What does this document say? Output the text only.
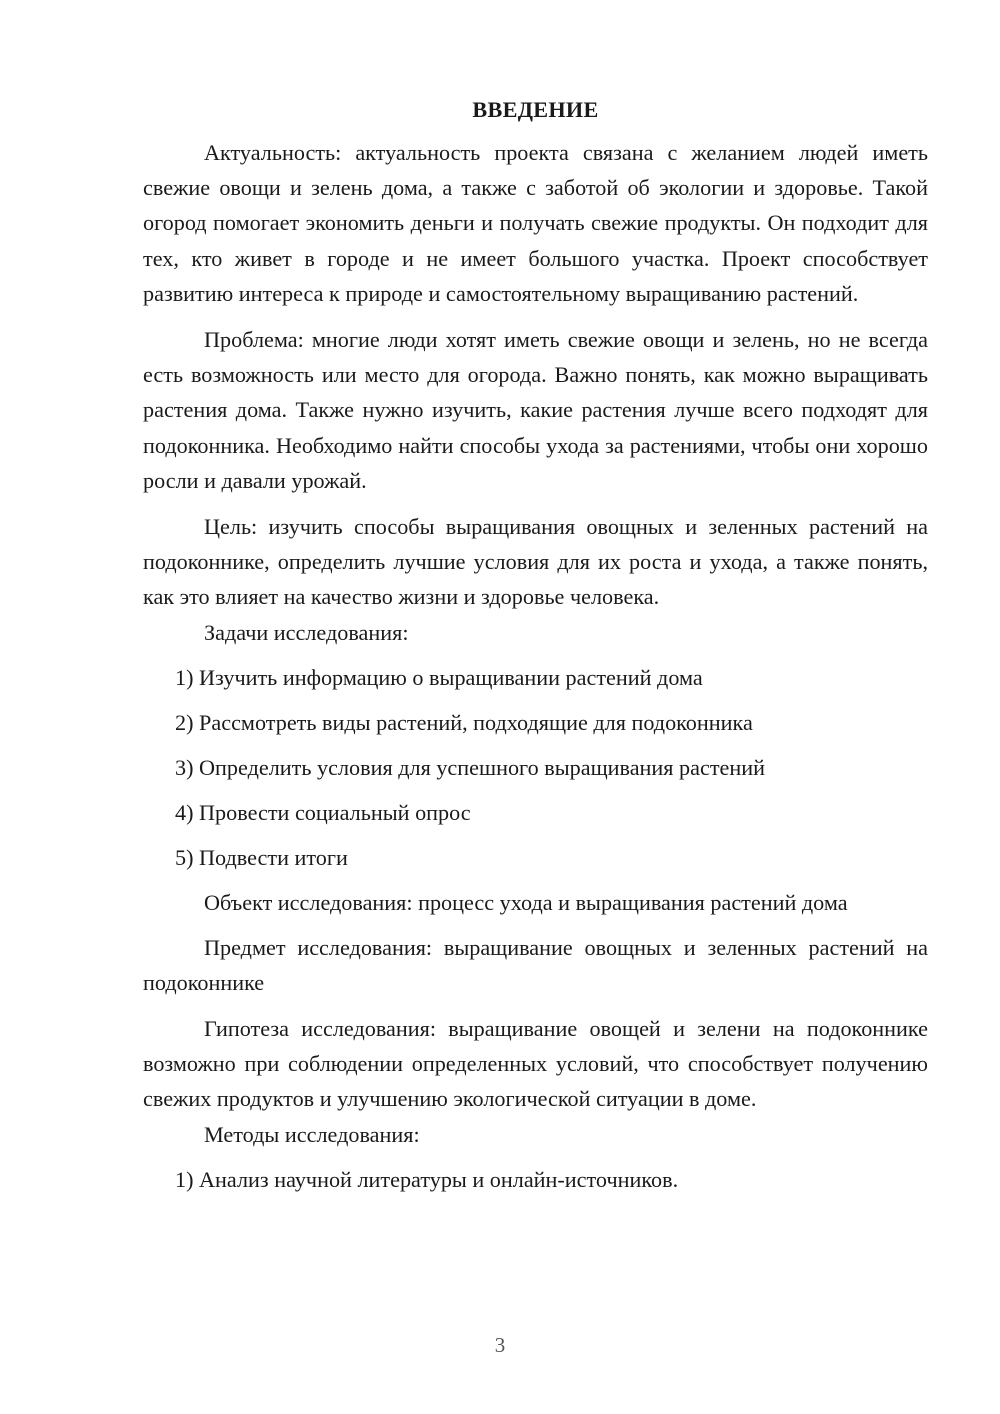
ВВЕДЕНИЕ

Актуальность: актуальность проекта связана с желанием людей иметь свежие овощи и зелень дома, а также с заботой об экологии и здоровье. Такой огород помогает экономить деньги и получать свежие продукты. Он подходит для тех, кто живет в городе и не имеет большого участка. Проект способствует развитию интереса к природе и самостоятельному выращиванию растений.

Проблема: многие люди хотят иметь свежие овощи и зелень, но не всегда есть возможность или место для огорода. Важно понять, как можно выращивать растения дома. Также нужно изучить, какие растения лучше всего подходят для подоконника. Необходимо найти способы ухода за растениями, чтобы они хорошо росли и давали урожай.

Цель: изучить способы выращивания овощных и зеленных растений на подоконнике, определить лучшие условия для их роста и ухода, а также понять, как это влияет на качество жизни и здоровье человека.

Задачи исследования:

1) Изучить информацию о выращивании растений дома

2) Рассмотреть виды растений, подходящие для подоконника

3) Определить условия для успешного выращивания растений

4) Провести социальный опрос

5) Подвести итоги

Объект исследования: процесс ухода и выращивания растений дома

Предмет исследования: выращивание овощных и зеленных растений на подоконнике

Гипотеза исследования: выращивание овощей и зелени на подоконнике возможно при соблюдении определенных условий, что способствует получению свежих продуктов и улучшению экологической ситуации в доме.

Методы исследования:

1) Анализ научной литературы и онлайн-источников.

3
